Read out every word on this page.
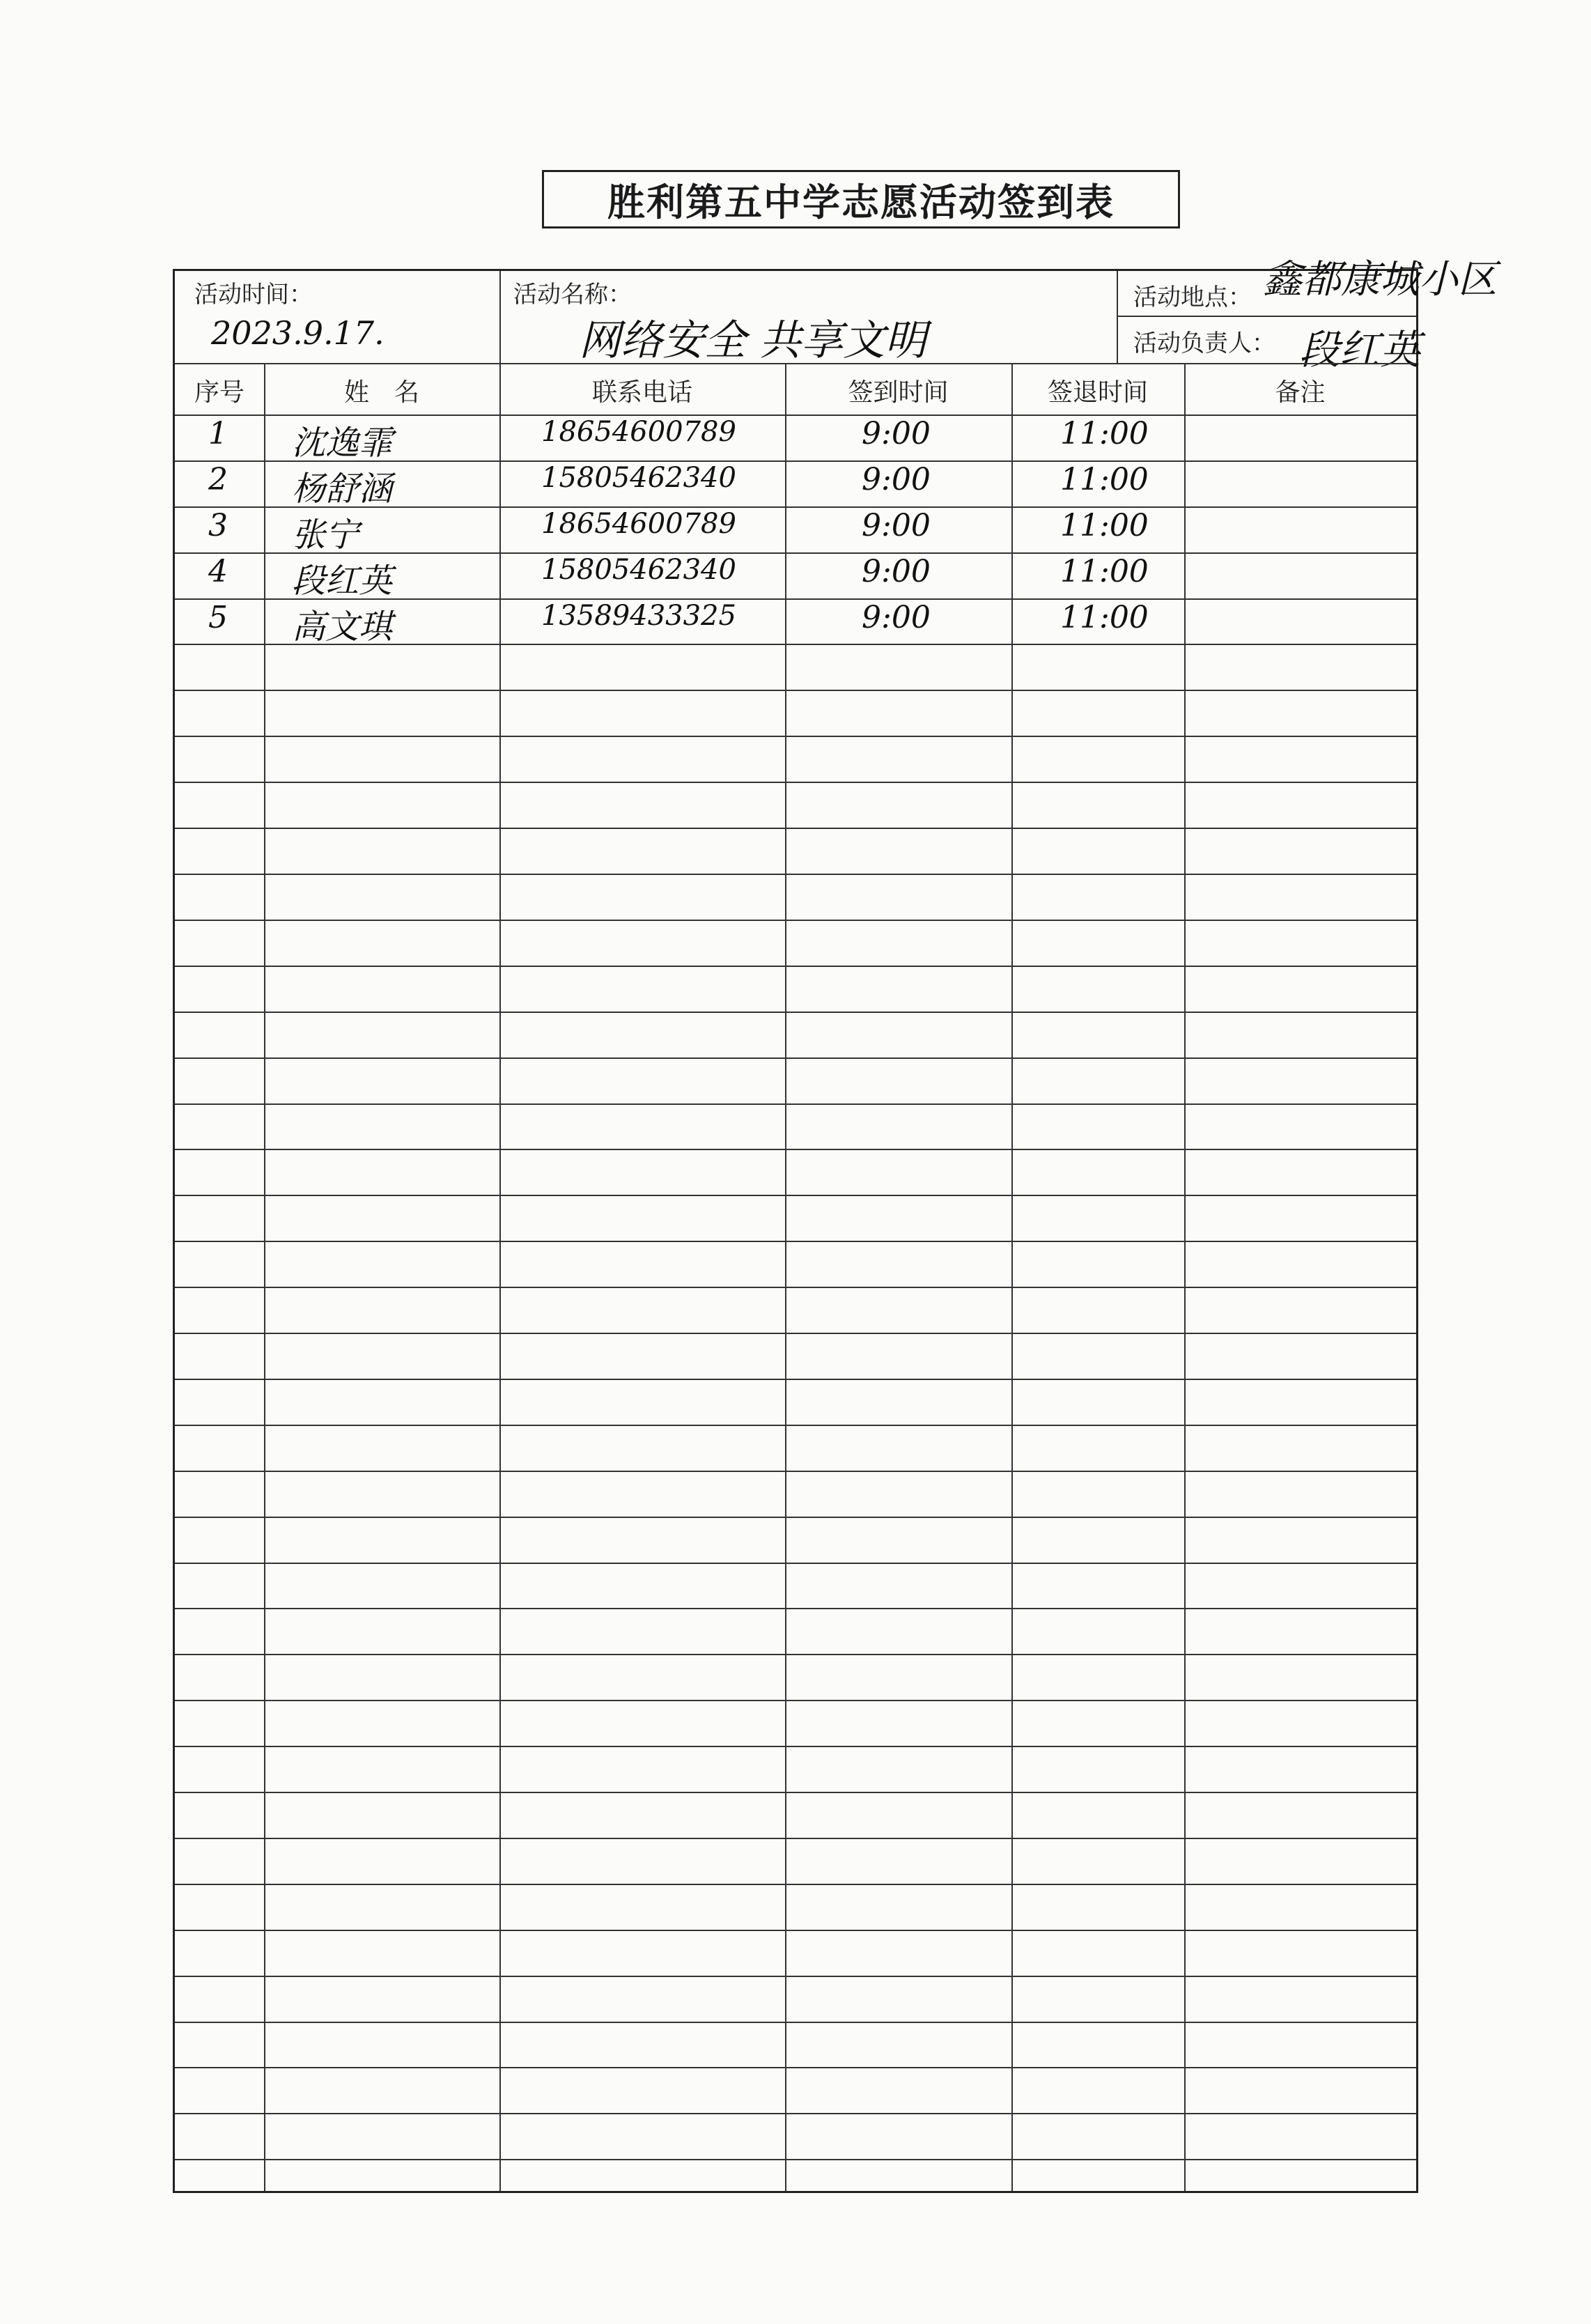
胜利第五中学志愿活动签到表
活动时间：
2023.9.17.
活动名称：
网络安全 共享文明
活动地点： 鑫都康城小区
活动负责人： 段红英
序号	姓　名	联系电话	签到时间	签退时间	备注
1 沈逸霏	18654600789	9:00	11:00
2 杨舒涵	15805462340	9:00	11:00
3 张宁	18654600789	9:00	11:00
4 段红英	15805462340	9:00	11:00
5 高文琪	13589433325	9:00	11:00
